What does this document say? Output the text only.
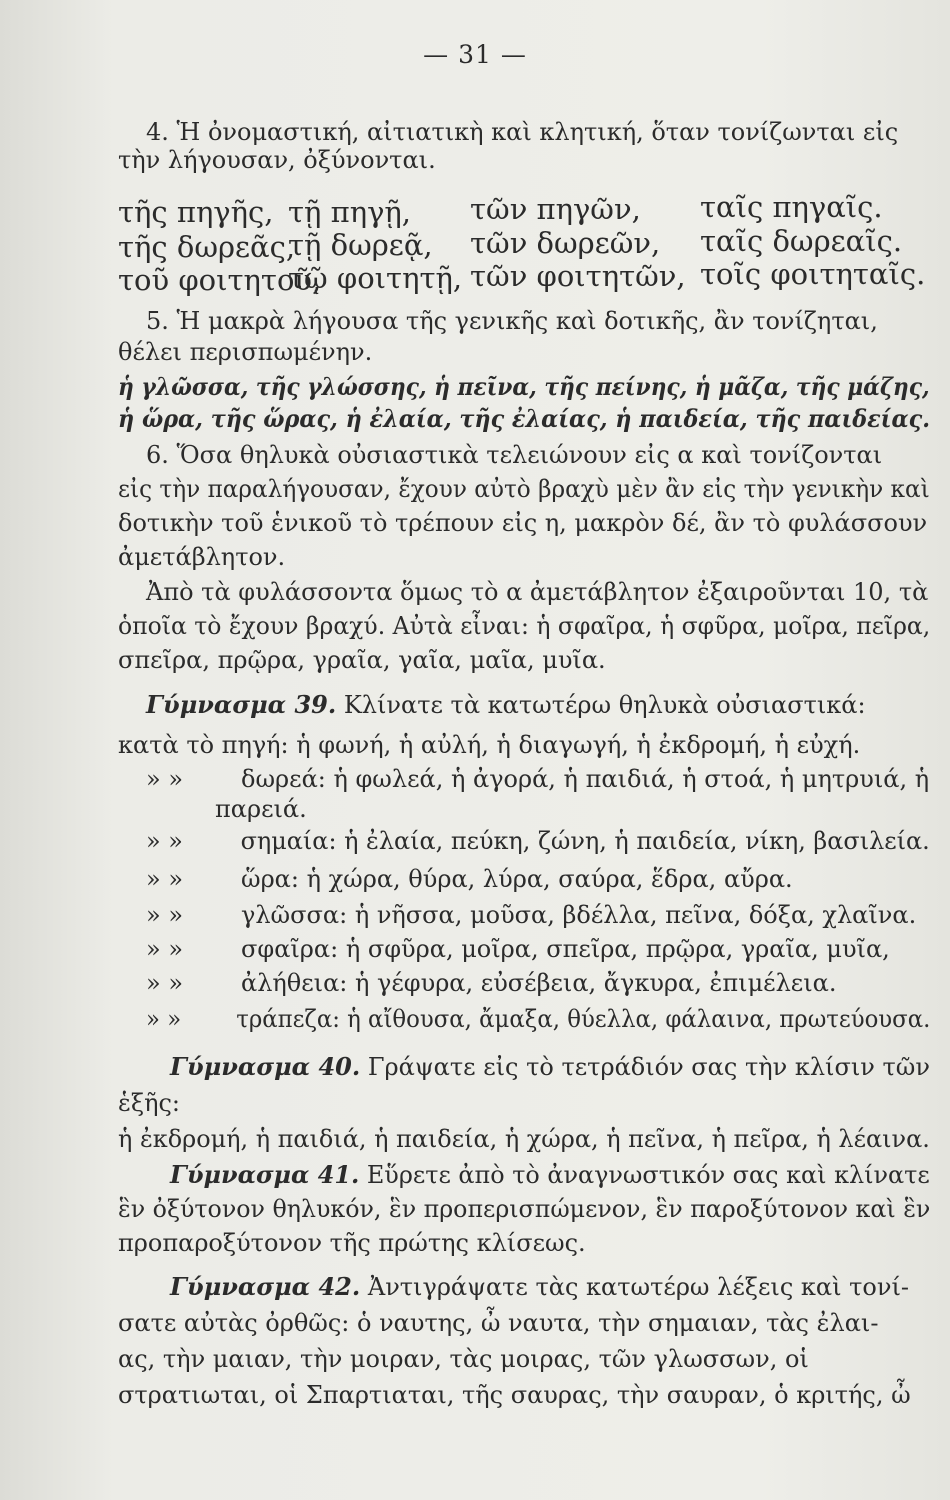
— 31 —
4. Ἡ ὀνομαστική, αἰτιατικὴ καὶ κλητική, ὅταν τονίζωνται εἰς
τὴν λήγουσαν, ὀξύνονται.
τῆς πηγῆς, τῇ πηγῇ, τῶν πηγῶν, ταῖς πηγαῖς.
τῆς δωρεᾶς,
τῇ δωρεᾷ, τῶν δωρεῶν, ταῖς δωρεαῖς.
τοῦ φοιτητοῦ,
τῷ φοιτητῇ, τῶν φοιτητῶν, τοῖς φοιτηταῖς.
5. Ἡ μακρὰ λήγουσα τῆς γενικῆς καὶ δοτικῆς, ἂν τονίζηται,
θέλει περισπωμένην.
ἡ γλῶσσα, τῆς γλώσσης, ἡ πεῖνα, τῆς πείνης, ἡ μᾶζα, τῆς μάζης,
ἡ ὥρα, τῆς ὥρας, ἡ ἐλαία, τῆς ἐλαίας, ἡ παιδεία, τῆς παιδείας.
6. Ὅσα θηλυκὰ οὐσιαστικὰ τελειώνουν εἰς α καὶ τονίζονται
εἰς τὴν παραλήγουσαν, ἔχουν αὐτὸ βραχὺ μὲν ἂν εἰς τὴν γενικὴν καὶ
δοτικὴν τοῦ ἑνικοῦ τὸ τρέπουν εἰς η, μακρὸν δέ, ἂν τὸ φυλάσσουν
ἀμετάβλητον.
Ἀπὸ τὰ φυλάσσοντα ὅμως τὸ α ἀμετάβλητον ἐξαιροῦνται 10, τὰ
ὁποῖα τὸ ἔχουν βραχύ. Αὐτὰ εἶναι: ἡ σφαῖρα, ἡ σφῦρα, μοῖρα, πεῖρα,
σπεῖρα, πρῷρα, γραῖα, γαῖα, μαῖα, μυῖα.
Γύμνασμα 39. Κλίνατε τὰ κατωτέρω θηλυκὰ οὐσιαστικά:
κατὰ τὸ πηγή: ἡ φωνή, ἡ αὐλή, ἡ διαγωγή, ἡ ἐκδρομή, ἡ εὐχή.
» » δωρεά: ἡ φωλεά, ἡ ἀγορά, ἡ παιδιά, ἡ στοά, ἡ μητρυιά, ἡ
παρειά.
» » σημαία: ἡ ἐλαία, πεύκη, ζώνη, ἡ παιδεία, νίκη, βασιλεία.
» » ὥρα: ἡ χώρα, θύρα, λύρα, σαύρα, ἕδρα, αὔρα.
» » γλῶσσα: ἡ νῆσσα, μοῦσα, βδέλλα, πεῖνα, δόξα, χλαῖνα.
» » σφαῖρα: ἡ σφῦρα, μοῖρα, σπεῖρα, πρῷρα, γραῖα, μυῖα,
» » ἀλήθεια: ἡ γέφυρα, εὐσέβεια, ἄγκυρα, ἐπιμέλεια.
» » τράπεζα: ἡ αἴθουσα, ἄμαξα, θύελλα, φάλαινα, πρωτεύουσα.
Γύμνασμα 40. Γράψατε εἰς τὸ τετράδιόν σας τὴν κλίσιν τῶν
ἑξῆς:
ἡ ἐκδρομή, ἡ παιδιά, ἡ παιδεία, ἡ χώρα, ἡ πεῖνα, ἡ πεῖρα, ἡ λέαινα.
Γύμνασμα 41. Εὕρετε ἀπὸ τὸ ἀναγνωστικόν σας καὶ κλίνατε
ἓν ὀξύτονον θηλυκόν, ἓν προπερισπώμενον, ἓν παροξύτονον καὶ ἓν
προπαροξύτονον τῆς πρώτης κλίσεως.
Γύμνασμα 42. Ἀντιγράψατε τὰς κατωτέρω λέξεις καὶ τονί-
σατε αὐτὰς ὀρθῶς: ὁ ναυτης, ὦ ναυτα, τὴν σημαιαν, τὰς ἐλαι-
ας, τὴν μαιαν, τὴν μοιραν, τὰς μοιρας, τῶν γλωσσων, οἱ
στρατιωται, οἱ Σπαρτιαται, τῆς σαυρας, τὴν σαυραν, ὁ κριτής, ὦ
